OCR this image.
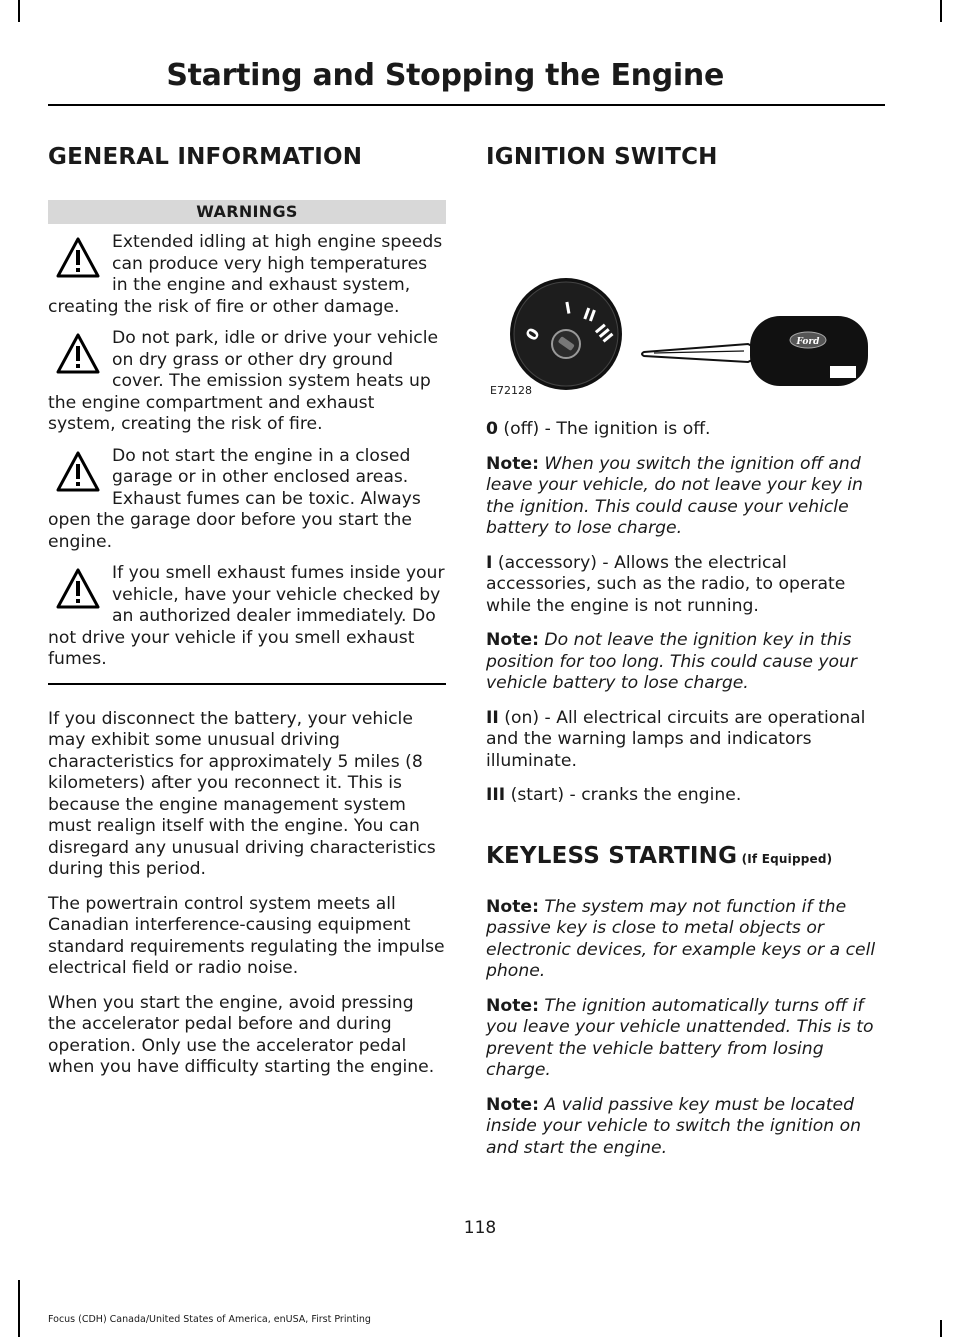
Starting and Stopping the Engine
GENERAL INFORMATION
WARNINGS
Extended idling at high engine speeds can produce very high temperatures in the engine and exhaust system, creating the risk of fire or other damage.
Do not park, idle or drive your vehicle on dry grass or other dry ground cover. The emission system heats up the engine compartment and exhaust system, creating the risk of fire.
Do not start the engine in a closed garage or in other enclosed areas. Exhaust fumes can be toxic. Always open the garage door before you start the engine.
If you smell exhaust fumes inside your vehicle, have your vehicle checked by an authorized dealer immediately. Do not drive your vehicle if you smell exhaust fumes.

If you disconnect the battery, your vehicle may exhibit some unusual driving characteristics for approximately 5 miles (8 kilometers) after you reconnect it. This is because the engine management system must realign itself with the engine. You can disregard any unusual driving characteristics during this period.

The powertrain control system meets all Canadian interference-causing equipment standard requirements regulating the impulse electrical field or radio noise.

When you start the engine, avoid pressing the accelerator pedal before and during operation. Only use the accelerator pedal when you have difficulty starting the engine.

IGNITION SWITCH
0
I II
III	Ford
E72128

0 (off) - The ignition is off.

Note: When you switch the ignition off and leave your vehicle, do not leave your key in the ignition. This could cause your vehicle battery to lose charge.

I (accessory) - Allows the electrical accessories, such as the radio, to operate while the engine is not running.

Note: Do not leave the ignition key in this position for too long. This could cause your vehicle battery to lose charge.

II (on) - All electrical circuits are operational and the warning lamps and indicators illuminate.

III (start) - cranks the engine.

KEYLESS STARTING (If Equipped)

Note: The system may not function if the passive key is close to metal objects or electronic devices, for example keys or a cell phone.

Note: The ignition automatically turns off if you leave your vehicle unattended. This is to prevent the vehicle battery from losing charge.

Note: A valid passive key must be located inside your vehicle to switch the ignition on and start the engine.

118
Focus (CDH) Canada/United States of America, enUSA, First Printing
